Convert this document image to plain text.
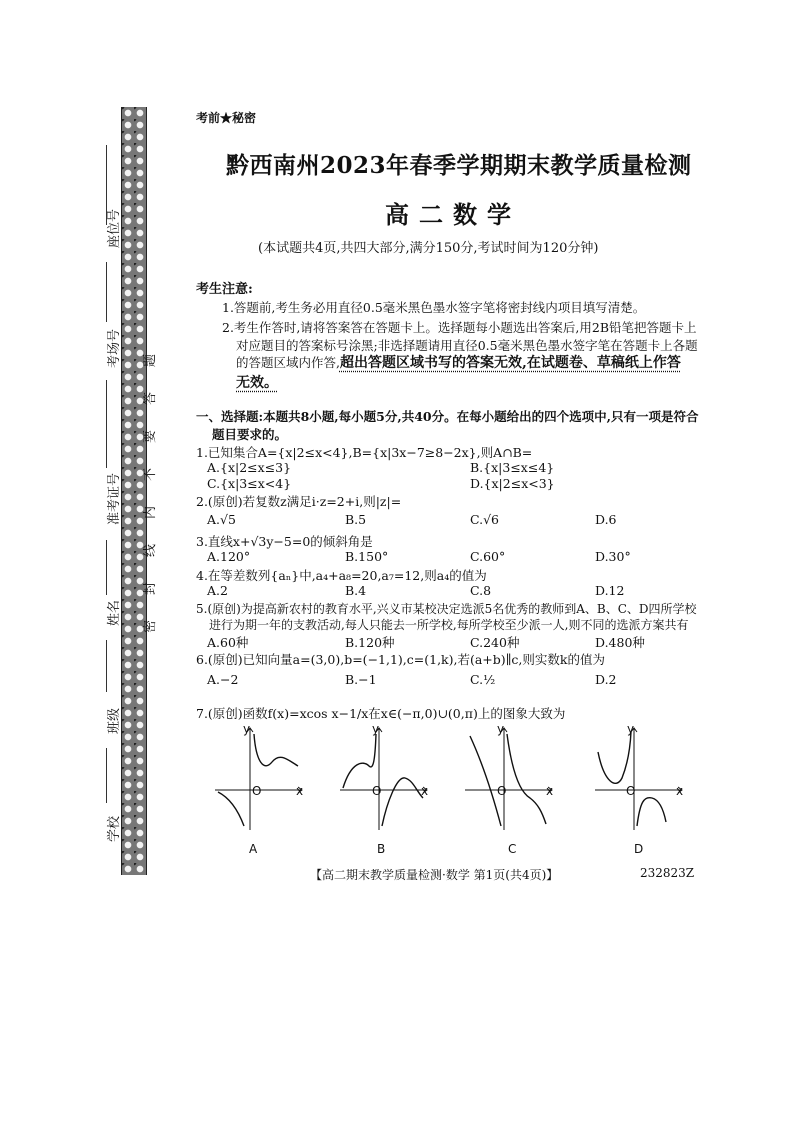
题
答
要
不
内
线
封
密
座位号
考场号
准考证号
姓名
班级
学校
考前★秘密
黔西南州2023年春季学期期末教学质量检测
高二数学
(本试题共4页,共四大部分,满分150分,考试时间为120分钟)
考生注意:
1.答题前,考生务必用直径0.5毫米黑色墨水签字笔将密封线内项目填写清楚。
2.考生作答时,请将答案答在答题卡上。选择题每小题选出答案后,用2B铅笔把答题卡上
对应题目的答案标号涂黑;非选择题请用直径0.5毫米黑色墨水签字笔在答题卡上各题
的答题区域内作答,超出答题区域书写的答案无效,在试题卷、草稿纸上作答
无效。
一、选择题:本题共8小题,每小题5分,共40分。在每小题给出的四个选项中,只有一项是符合
题目要求的。
1.已知集合A={x|2≤x<4},B={x|3x−7≥8−2x},则A∩B=
A.{x|2≤x≤3}	B.{x|3≤x≤4}
C.{x|3≤x<4}	D.{x|2≤x<3}
2.(原创)若复数z满足i·z=2+i,则|z|=
A.√5	B.5	C.√6	D.6
3.直线x+√3y−5=0的倾斜角是
A.120°	B.150°	C.60°	D.30°
4.在等差数列{aₙ}中,a₄+a₈=20,a₇=12,则a₄的值为
A.2	B.4	C.8	D.12
5.(原创)为提高新农村的教育水平,兴义市某校决定选派5名优秀的教师到A、B、C、D四所学校
进行为期一年的支教活动,每人只能去一所学校,每所学校至少派一人,则不同的选派方案共有
A.60种	B.120种	C.240种	D.480种
6.(原创)已知向量a=(3,0),b=(−1,1),c=(1,k),若(a+b)∥c,则实数k的值为
A.−2	B.−1	C.½	D.2
7.(原创)函数f(x)=xcos x−1/x在x∈(−π,0)∪(0,π)上的图象大致为
y
O	x
y
O	x
y
O	x
y
O	x
A	B	C	D
【高二期末教学质量检测·数学 第1页(共4页)】	232823Z
